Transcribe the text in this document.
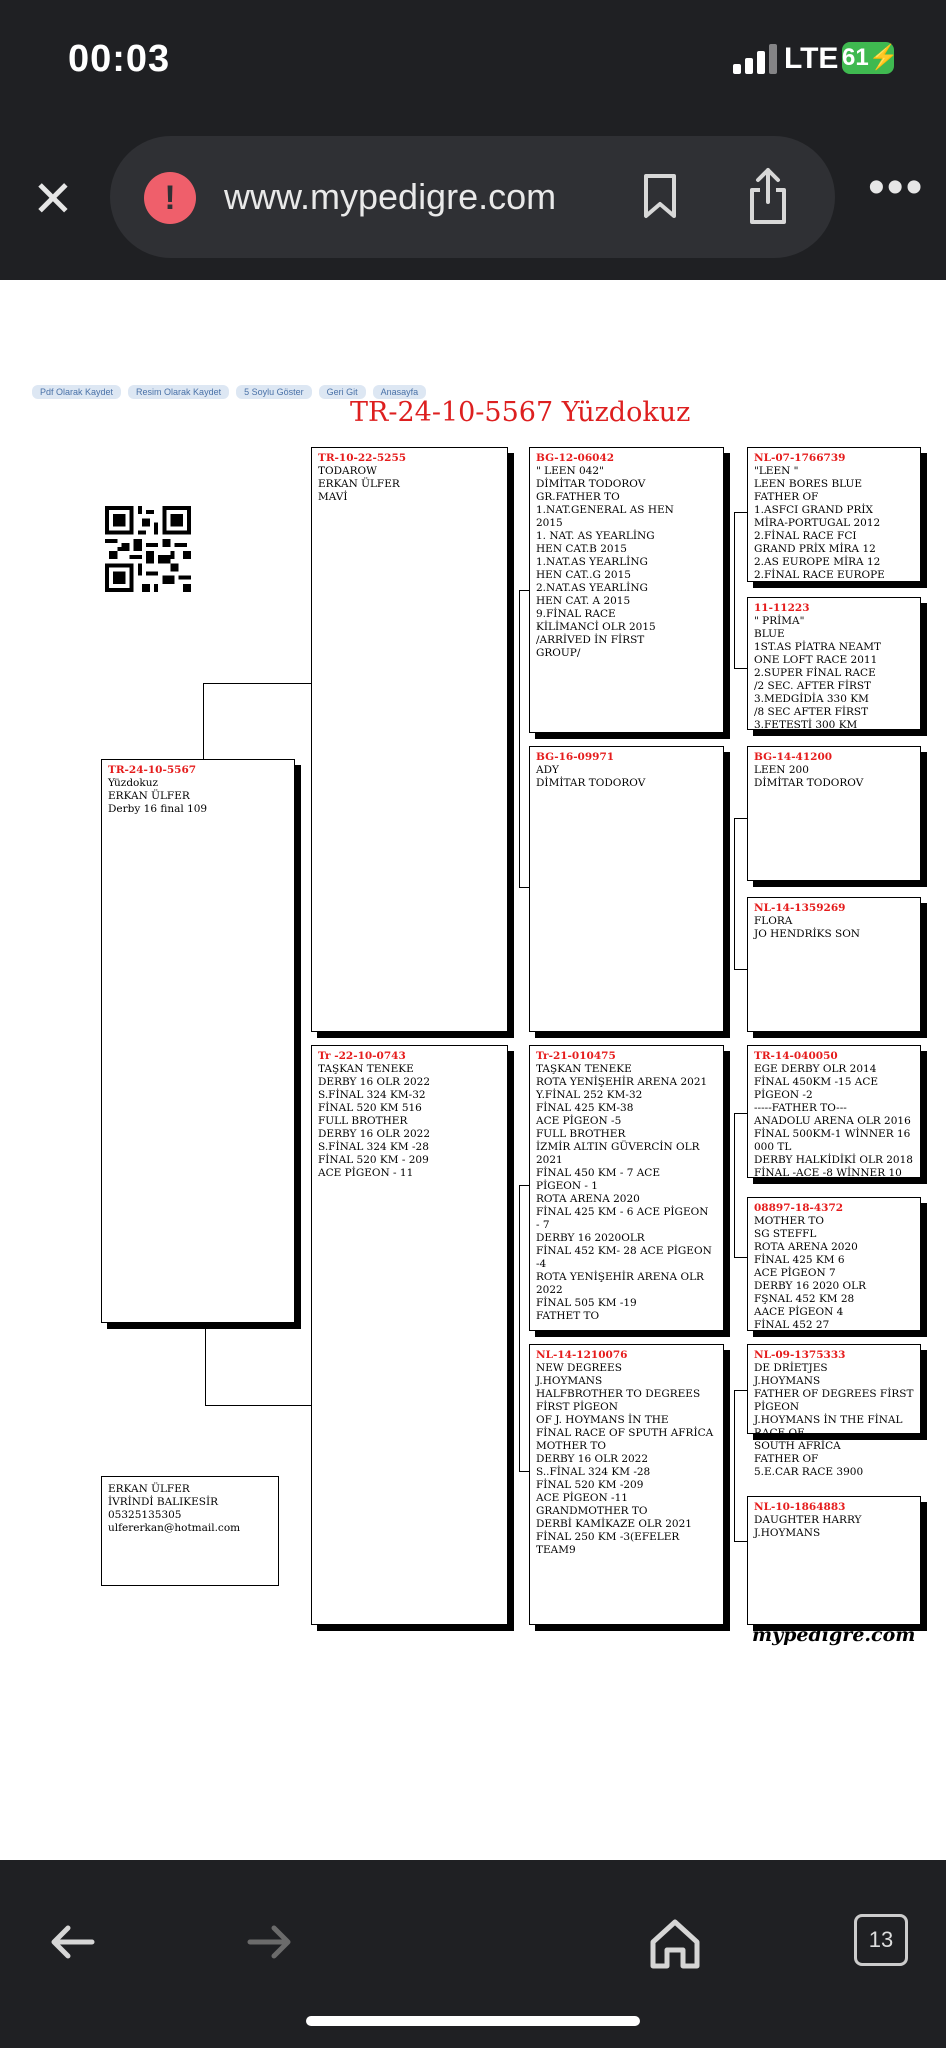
00:03	LTE 61⚡
✕	!	www.mypedigre.com	•••
Pdf Olarak Kaydet	Resim Olarak Kaydet	5 Soylu Göster	Geri Git	Anasayfa
TR-24-10-5567 Yüzdokuz
TR-24-10-5567
Yüzdokuz
ERKAN ÜLFER
Derby 16 final 109
TR-10-22-5255
TODAROW
ERKAN ÜLFER
MAVİ
Tr -22-10-0743
TAŞKAN TENEKE
DERBY 16 OLR 2022
S.FİNAL 324 KM-32
FİNAL 520 KM 516
FULL BROTHER
DERBY 16 OLR 2022
S.FİNAL 324 KM -28
FİNAL 520 KM - 209
ACE PİGEON - 11
BG-12-06042
" LEEN 042"
DİMİTAR TODOROV
GR.FATHER TO
1.NAT.GENERAL AS HEN
2015
1. NAT. AS YEARLİNG
HEN CAT.B 2015
1.NAT.AS YEARLİNG
HEN CAT..G 2015
2.NAT.AS YEARLİNG
HEN CAT. A 2015
9.FİNAL RACE
KİLİMANCİ OLR 2015
/ARRİVED İN FİRST
GROUP/
BG-16-09971
ADY
DİMİTAR TODOROV
Tr-21-010475
TAŞKAN TENEKE
ROTA YENİŞEHİR ARENA 2021
Y.FİNAL 252 KM-32
FİNAL 425 KM-38
ACE PİGEON -5
FULL BROTHER
İZMİR ALTIN GÜVERCİN OLR
2021
FİNAL 450 KM - 7 ACE
PİGEON - 1
ROTA ARENA 2020
FİNAL 425 KM - 6 ACE PİGEON
- 7
DERBY 16 2020OLR
FİNAL 452 KM- 28 ACE PİGEON
-4
ROTA YENİŞEHİR ARENA OLR
2022
FİNAL 505 KM -19
FATHET TO
NL-14-1210076
NEW DEGREES
J.HOYMANS
HALFBROTHER TO DEGREES
FİRST PİGEON
OF J. HOYMANS İN THE
FİNAL RACE OF SPUTH AFRİCA
MOTHER TO
DERBY 16 OLR 2022
S..FİNAL 324 KM -28
FİNAL 520 KM -209
ACE PİGEON -11
GRANDMOTHER TO
DERBİ KAMİKAZE OLR 2021
FİNAL 250 KM -3(EFELER
TEAM9
NL-07-1766739
"LEEN "
LEEN BORES BLUE
FATHER OF
1.ASFCI GRAND PRİX
MİRA-PORTUGAL 2012
2.FİNAL RACE FCI
GRAND PRİX MİRA 12
2.AS EUROPE MİRA 12
2.FİNAL RACE EUROPE
11-11223
" PRİMA"
BLUE
1ST.AS PİATRA NEAMT
ONE LOFT RACE 2011
2.SUPER FİNAL RACE
/2 SEC. AFTER FİRST
3.MEDGİDİA 330 KM
/8 SEC AFTER FİRST
3.FETESTİ 300 KM
BG-14-41200
LEEN 200
DİMİTAR TODOROV
NL-14-1359269
FLORA
JO HENDRİKS SON
TR-14-040050
EGE DERBY OLR 2014
FİNAL 450KM -15 ACE
PİGEON -2
-----FATHER TO---
ANADOLU ARENA OLR 2016
FİNAL 500KM-1 WİNNER 16
000 TL
DERBY HALKİDİKİ OLR 2018
FİNAL -ACE -8 WİNNER 10
08897-18-4372
MOTHER TO
SG STEFFL
ROTA ARENA 2020
FİNAL 425 KM 6
ACE PİGEON 7
DERBY 16 2020 OLR
FŞNAL 452 KM 28
AACE PİGEON 4
FİNAL 452 27
NL-09-1375333
DE DRİETJES
J.HOYMANS
FATHER OF DEGREES FİRST
PİGEON
J.HOYMANS İN THE FİNAL
RACE OF
SOUTH AFRİCA
FATHER OF
5.E.CAR RACE 3900
NL-10-1864883
DAUGHTER HARRY
J.HOYMANS
ERKAN ÜLFER
İVRİNDİ BALIKESİR
05325135305
ulfererkan@hotmail.com
mypedigre.com
13
